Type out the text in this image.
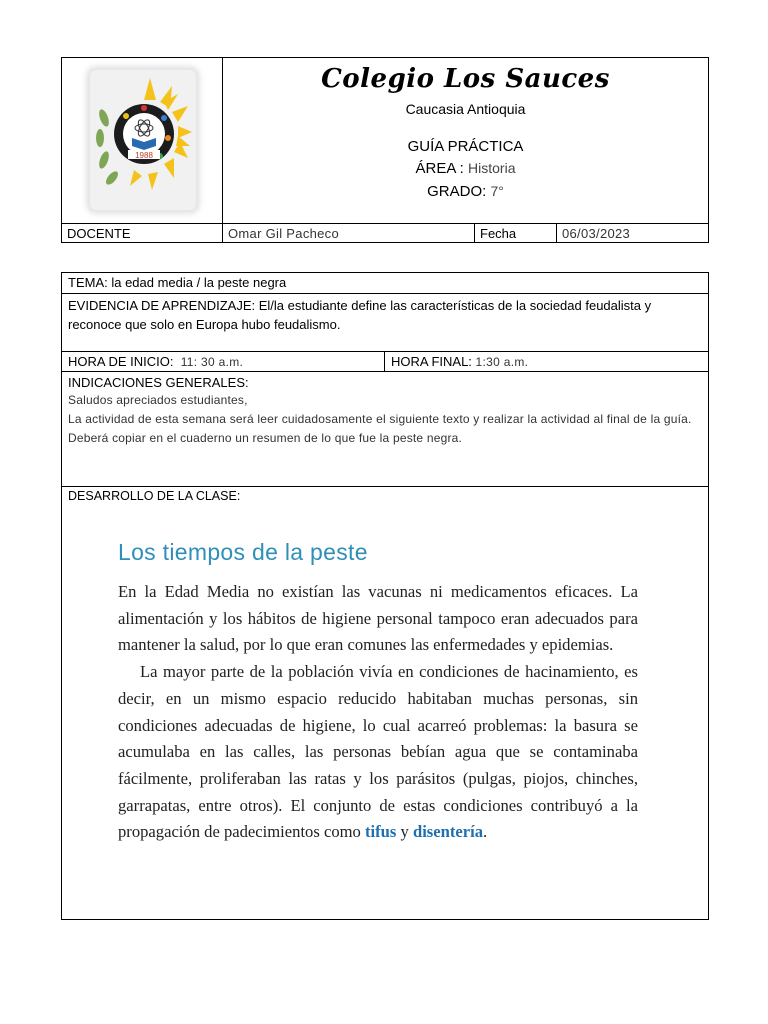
1988
Colegio Los Sauces
Caucasia Antioquia
GUÍA PRÁCTICA
ÁREA : Historia
GRADO: 7°
DOCENTE	Omar Gil Pacheco	Fecha	06/03/2023
TEMA: la edad media / la peste negra
EVIDENCIA DE APRENDIZAJE: El/la estudiante define las características de la sociedad feudalista y reconoce que solo en Europa hubo feudalismo.
HORA DE INICIO: 11: 30 a.m.	HORA FINAL: 1:30 a.m.
INDICACIONES GENERALES:
Saludos apreciados estudiantes,
La actividad de esta semana será leer cuidadosamente el siguiente texto y realizar la actividad al final de la guía.
Deberá copiar en el cuaderno un resumen de lo que fue la peste negra.
DESARROLLO DE LA CLASE:
Los tiempos de la peste

En la Edad Media no existían las vacunas ni medicamentos eficaces. La alimentación y los hábitos de higiene personal tampoco eran adecuados para mantener la salud, por lo que eran comunes las enfermedades y epidemias.

La mayor parte de la población vivía en condiciones de hacinamiento, es decir, en un mismo espacio reducido habitaban muchas personas, sin condiciones adecuadas de higiene, lo cual acarreó problemas: la basura se acumulaba en las calles, las personas bebían agua que se contaminaba fácilmente, proliferaban las ratas y los parásitos (pulgas, piojos, chinches, garrapatas, entre otros). El conjunto de estas condiciones contribuyó a la propagación de padecimientos como tifus y disentería.
